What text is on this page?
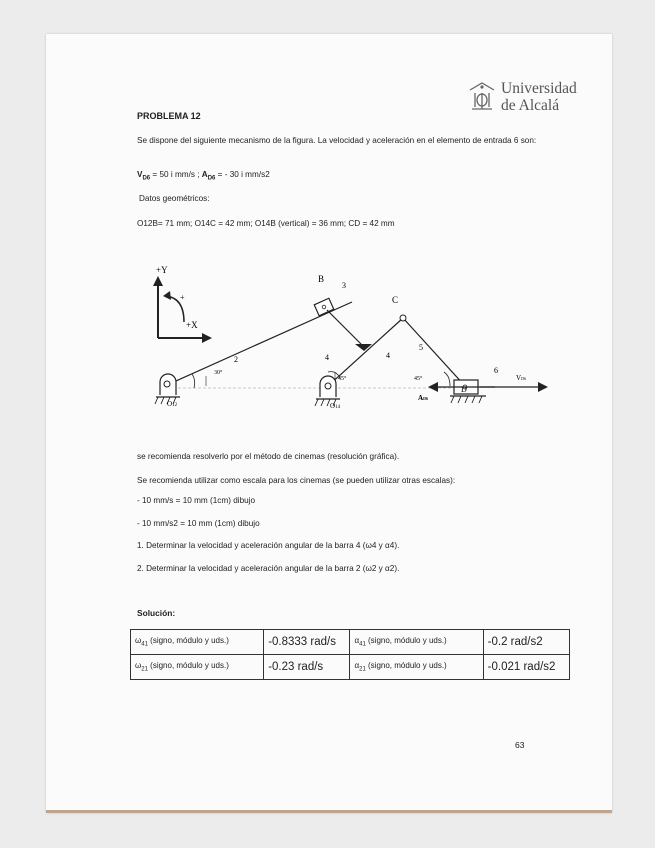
Universidad
de Alcalá
PROBLEMA 12
Se dispone del siguiente mecanismo de la figura. La velocidad y aceleración en el elemento de entrada 6 son:
$V_{D6} = 50$ i mm/s ; $A_{D6}$ = - 30 i mm/s2
Datos geométricos:
O12B= 71 mm; O14C = 42 mm; O14B (vertical) = 36 mm; CD = 42 mm
+Y
+X
+
30°
45°	45°
B
3
C
2	4	4
5
6
D
O12	O14
VD6
AD6
se recomienda resolverlo por el método de cinemas (resolución gráfica).
Se recomienda utilizar como escala para los cinemas (se pueden utilizar otras escalas):
- 10 mm/s = 10 mm (1cm) dibujo
- 10 mm/s2 = 10 mm (1cm) dibujo
1. Determinar la velocidad y aceleración angular de la barra 4 (ω4 y α4).
2. Determinar la velocidad y aceleración angular de la barra 2 (ω2 y α2).
Solución:
$\omega_{41}$ (signo, módulo y uds.)	-0.8333 rad/s	$\alpha_{41}$ (signo, módulo y uds.)	-0.2 rad/s2
$\omega_{21}$ (signo, módulo y uds.)	-0.23 rad/s	$\alpha_{21}$ (signo, módulo y uds.)	-0.021 rad/s2
63
